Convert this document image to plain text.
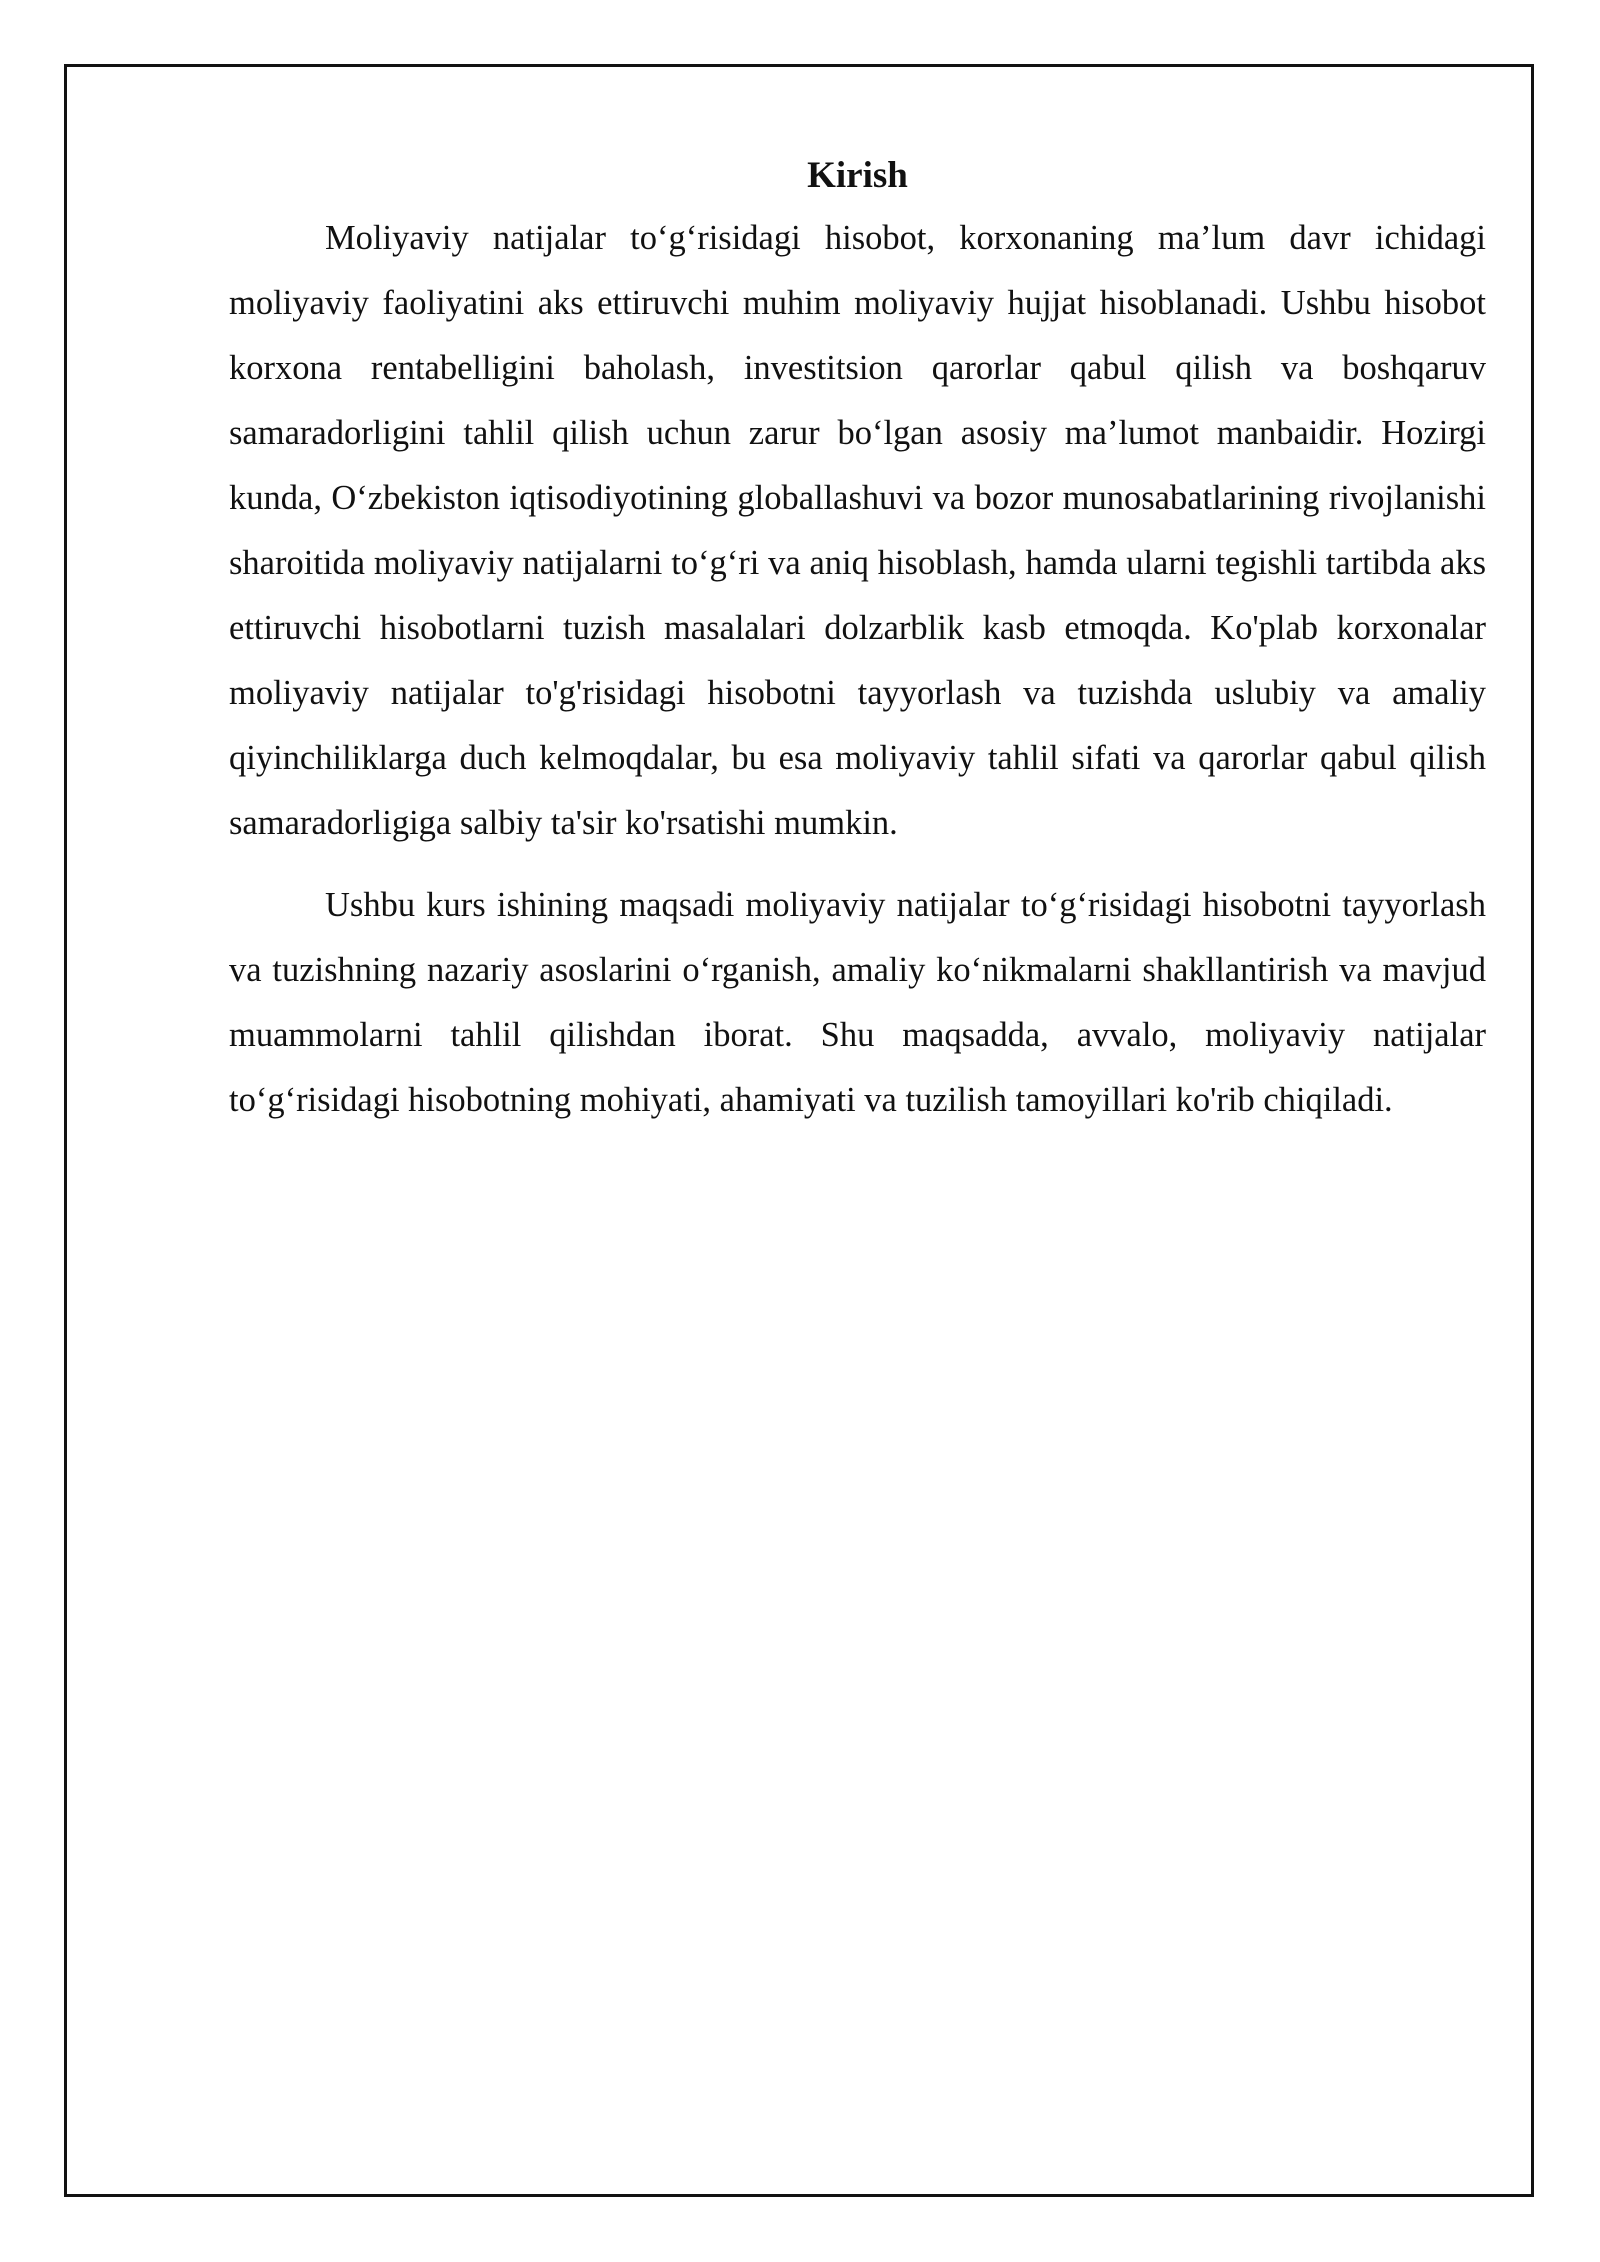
Kirish

Moliyaviy natijalar to‘g‘risidagi hisobot, korxonaning ma’lum davr ichidagi moliyaviy faoliyatini aks ettiruvchi muhim moliyaviy hujjat hisoblanadi. Ushbu hisobot korxona rentabelligini baholash, investitsion qarorlar qabul qilish va boshqaruv samaradorligini tahlil qilish uchun zarur bo‘lgan asosiy ma’lumot manbaidir. Hozirgi kunda, O‘zbekiston iqtisodiyotining globallashuvi va bozor munosabatlarining rivojlanishi sharoitida moliyaviy natijalarni to‘g‘ri va aniq hisoblash, hamda ularni tegishli tartibda aks ettiruvchi hisobotlarni tuzish masalalari dolzarblik kasb etmoqda. Ko'plab korxonalar moliyaviy natijalar to'g'risidagi hisobotni tayyorlash va tuzishda uslubiy va amaliy qiyinchiliklarga duch kelmoqdalar, bu esa moliyaviy tahlil sifati va qarorlar qabul qilish samaradorligiga salbiy ta'sir ko'rsatishi mumkin.

Ushbu kurs ishining maqsadi moliyaviy natijalar to‘g‘risidagi hisobotni tayyorlash va tuzishning nazariy asoslarini o‘rganish, amaliy ko‘nikmalarni shakllantirish va mavjud muammolarni tahlil qilishdan iborat. Shu maqsadda, avvalo, moliyaviy natijalar to‘g‘risidagi hisobotning mohiyati, ahamiyati va tuzilish tamoyillari ko'rib chiqiladi.
